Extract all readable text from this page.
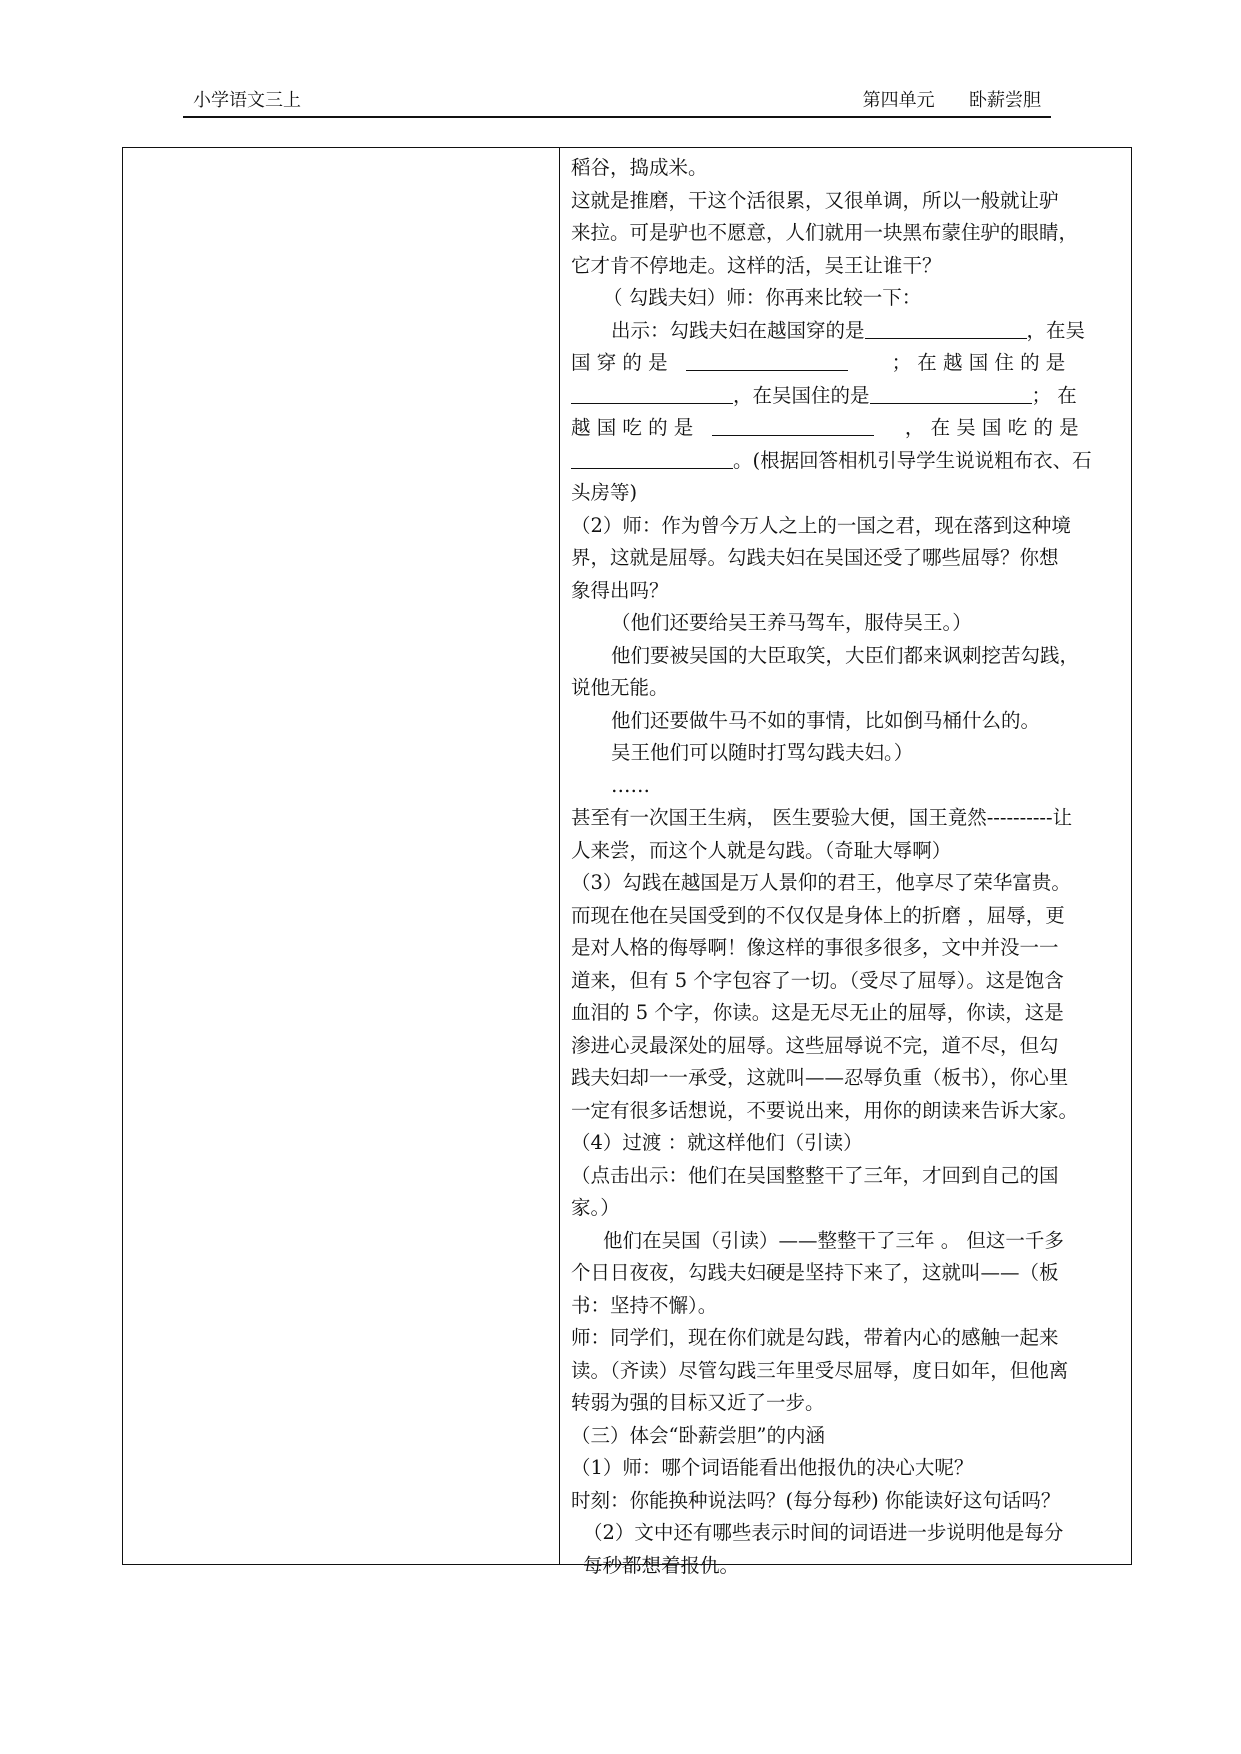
小学语文三上	第四单元      卧薪尝胆
稻谷，捣成米。
这就是推磨，干这个活很累，又很单调，所以一般就让驴
来拉。可是驴也不愿意，人们就用一块黑布蒙住驴的眼睛，
它才肯不停地走。这样的活，吴王让谁干？
（ 勾践夫妇）师：你再来比较一下：
出示：勾践夫妇在越国穿的是	，在吴
国 穿 的 是	； 在 越 国 住 的 是
，在吴国住的是	； 在
越 国 吃 的 是	， 在 吴 国 吃 的 是
。(根据回答相机引导学生说说粗布衣、石
头房等)
（2）师：作为曾今万人之上的一国之君，现在落到这种境
界，这就是屈辱。勾践夫妇在吴国还受了哪些屈辱？你想
象得出吗？
（他们还要给吴王养马驾车，服侍吴王。）
他们要被吴国的大臣取笑，大臣们都来讽刺挖苦勾践，
说他无能。
他们还要做牛马不如的事情，比如倒马桶什么的。
吴王他们可以随时打骂勾践夫妇。）
……
甚至有一次国王生病， 医生要验大便，国王竟然----------让
人来尝，而这个人就是勾践。（奇耻大辱啊）
（3）勾践在越国是万人景仰的君王，他享尽了荣华富贵。
而现在他在吴国受到的不仅仅是身体上的折磨 ，屈辱，更
是对人格的侮辱啊！像这样的事很多很多，文中并没一一
道来，但有 5 个字包容了一切。（受尽了屈辱）。这是饱含
血泪的 5 个字，你读。这是无尽无止的屈辱，你读，这是
渗进心灵最深处的屈辱。这些屈辱说不完，道不尽，但勾
践夫妇却一一承受，这就叫——忍辱负重（板书），你心里
一定有很多话想说，不要说出来，用你的朗读来告诉大家。
（4）过渡 ：就这样他们（引读）
（点击出示：他们在吴国整整干了三年，才回到自己的国
家。）
他们在吴国（引读）——整整干了三年 。 但这一千多
个日日夜夜，勾践夫妇硬是坚持下来了，这就叫——（板
书：坚持不懈）。
师：同学们，现在你们就是勾践，带着内心的感触一起来
读。（齐读）尽管勾践三年里受尽屈辱，度日如年，但他离
转弱为强的目标又近了一步。
（三）体会“卧薪尝胆”的内涵
（1）师：哪个词语能看出他报仇的决心大呢？
时刻：你能换种说法吗？(每分每秒) 你能读好这句话吗？
（2）文中还有哪些表示时间的词语进一步说明他是每分
每秒都想着报仇。
